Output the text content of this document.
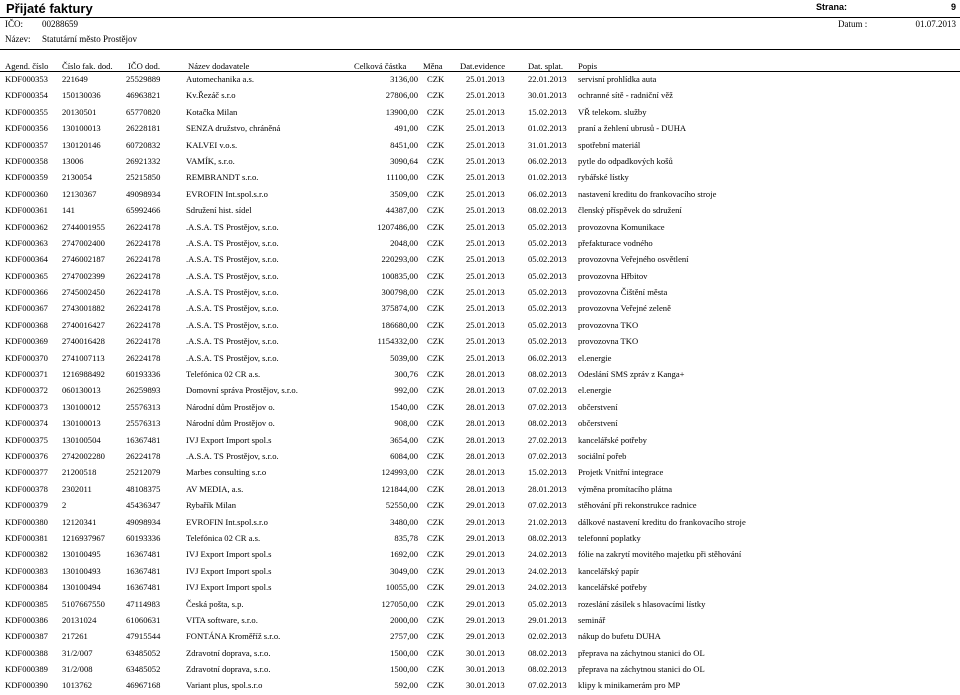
Přijaté faktury	Strana:	9
IČO: 00288659	Datum :	01.07.2013
Název: Statutární město Prostějov
Agend. číslo Číslo fak. dod. IČO dod.	Název dodavatele	Celková částka Měna Dat.evidence	Dat. splat. Popis
KDF000353 221649	25529889	Automechanika a.s.	3136,00 CZK	25.01.2013	22.01.2013 servisní prohlídka auta
KDF000354 150130036	46963821	Kv.Řezáč s.r.o	27806,00 CZK	25.01.2013	30.01.2013 ochranné sítě - radniční věž
KDF000355 20130501	65770820	Kotačka Milan	13900,00 CZK	25.01.2013	15.02.2013 VŘ telekom. služby
KDF000356 130100013	26228181	SENZA družstvo, chráněná	491,00 CZK	25.01.2013	01.02.2013 praní a žehlení ubrusů - DUHA
KDF000357 130120146	60720832	KALVEI v.o.s.	8451,00 CZK	25.01.2013	31.01.2013 spotřební materiál
KDF000358 13006	26921332	VAMÍK, s.r.o.	3090,64 CZK	25.01.2013	06.02.2013 pytle do odpadkových košů
KDF000359 2130054	25215850	REMBRANDT s.r.o.	11100,00 CZK	25.01.2013	01.02.2013 rybářské lístky
KDF000360 12130367	49098934	EVROFIN Int.spol.s.r.o	3509,00 CZK	25.01.2013	06.02.2013 nastavení kreditu do frankovacího stroje
KDF000361 141	65992466	Sdružení hist. sídel	44387,00 CZK	25.01.2013	08.02.2013 členský příspěvek do sdružení
KDF000362 2744001955 26224178	.A.S.A. TS Prostějov, s.r.o.	1207486,00 CZK	25.01.2013	05.02.2013 provozovna Komunikace
KDF000363 2747002400 26224178	.A.S.A. TS Prostějov, s.r.o.	2048,00 CZK	25.01.2013	05.02.2013 přefakturace vodného
KDF000364 2746002187 26224178	.A.S.A. TS Prostějov, s.r.o.	220293,00 CZK	25.01.2013	05.02.2013 provozovna Veřejného osvětlení
KDF000365 2747002399 26224178	.A.S.A. TS Prostějov, s.r.o.	100835,00 CZK	25.01.2013	05.02.2013 provozovna Hřbitov
KDF000366 2745002450 26224178	.A.S.A. TS Prostějov, s.r.o.	300798,00 CZK	25.01.2013	05.02.2013 provozovna Čištění města
KDF000367 2743001882 26224178	.A.S.A. TS Prostějov, s.r.o.	375874,00 CZK	25.01.2013	05.02.2013 provozovna Veřejné zeleně
KDF000368 2740016427 26224178	.A.S.A. TS Prostějov, s.r.o.	186680,00 CZK	25.01.2013	05.02.2013 provozovna TKO
KDF000369 2740016428 26224178	.A.S.A. TS Prostějov, s.r.o.	1154332,00 CZK	25.01.2013	05.02.2013 provozovna TKO
KDF000370 2741007113 26224178	.A.S.A. TS Prostějov, s.r.o.	5039,00 CZK	25.01.2013	06.02.2013 el.energie
KDF000371 1216988492 60193336	Telefónica 02 CR a.s.	300,76 CZK	28.01.2013	08.02.2013 Odeslání SMS zpráv z Kanga+
KDF000372 060130013	26259893	Domovní správa Prostějov, s.r.o.	992,00 CZK	28.01.2013	07.02.2013 el.energie
KDF000373 130100012	25576313	Národní dům Prostějov o.	1540,00 CZK	28.01.2013	07.02.2013 občerstvení
KDF000374 130100013	25576313	Národní dům Prostějov o.	908,00 CZK	28.01.2013	08.02.2013 občerstvení
KDF000375 130100504	16367481	IVJ Export Import spol.s	3654,00 CZK	28.01.2013	27.02.2013 kancelářské potřeby
KDF000376 2742002280 26224178	.A.S.A. TS Prostějov, s.r.o.	6084,00 CZK	28.01.2013	07.02.2013 sociální pořeb
KDF000377 21200518	25212079	Marbes consulting s.r.o	124993,00 CZK	28.01.2013	15.02.2013 Projetk Vnitřní integrace
KDF000378 2302011	48108375	AV MEDIA, a.s.	121844,00 CZK	28.01.2013	28.01.2013 výměna promítacího plátna
KDF000379 2	45436347	Rybařík Milan	52550,00 CZK	29.01.2013	07.02.2013 stěhování při rekonstrukce radnice
KDF000380 12120341	49098934	EVROFIN Int.spol.s.r.o	3480,00 CZK	29.01.2013	21.02.2013 dálkové nastavení kreditu do frankovacího stroje
KDF000381 1216937967 60193336	Telefónica 02 CR a.s.	835,78 CZK	29.01.2013	08.02.2013 telefonní poplatky
KDF000382 130100495	16367481	IVJ Export Import spol.s	1692,00 CZK	29.01.2013	24.02.2013 fólie na zakrytí movitého majetku při stěhování
KDF000383 130100493	16367481	IVJ Export Import spol.s	3049,00 CZK	29.01.2013	24.02.2013 kancelářský papír
KDF000384 130100494	16367481	IVJ Export Import spol.s	10055,00 CZK	29.01.2013	24.02.2013 kancelářské potřeby
KDF000385 5107667550 47114983	Česká pošta, s.p.	127050,00 CZK	29.01.2013	05.02.2013 rozeslání zásilek s hlasovacími lístky
KDF000386 20131024	61060631	VITA software, s.r.o.	2000,00 CZK	29.01.2013	29.01.2013 seminář
KDF000387 217261	47915544	FONTÁNA Kroměříž s.r.o.	2757,00 CZK	29.01.2013	02.02.2013 nákup do bufetu DUHA
KDF000388 31/2/007	63485052	Zdravotní doprava, s.r.o.	1500,00 CZK	30.01.2013	08.02.2013 přeprava na záchytnou stanici do OL
KDF000389 31/2/008	63485052	Zdravotní doprava, s.r.o.	1500,00 CZK	30.01.2013	08.02.2013 přeprava na záchytnou stanici do OL
KDF000390 1013762	46967168	Variant plus, spol.s.r.o	592,00 CZK	30.01.2013	07.02.2013 klipy k minikamerám pro MP
